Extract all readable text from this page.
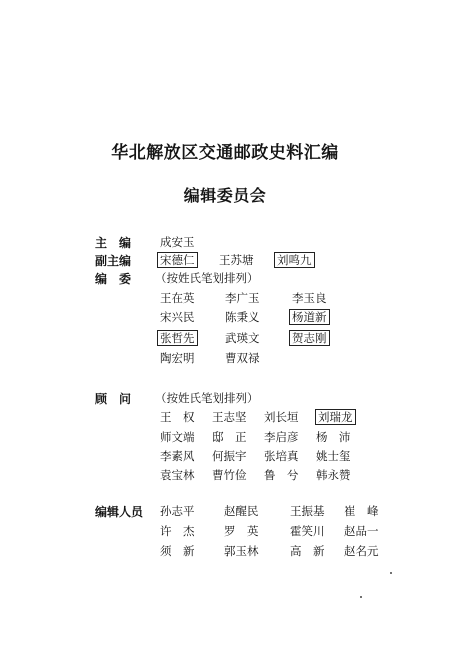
华北解放区交通邮政史料汇编
编辑委员会
主　编	成安玉
副主编	宋德仁 王苏塘 刘鸣九
编　委 （按姓氏笔划排列）
王在英	李广玉	李玉良
宋兴民	陈秉义	杨道新
张哲先	武瑛文	贺志刚
陶宏明	曹双禄
顾　问 （按姓氏笔划排列）
王　权 王志坚 刘长垣 刘瑞龙
师文端 邸　正 李启彦 杨　沛
李素风 何振宇 张培真 姚士玺
袁宝林 曹竹俭 鲁　兮 韩永赞
编辑人员 孙志平	赵醒民	王振基 崔　峰
许　杰	罗　英	霍笑川 赵品一
须　新	郭玉林	高　新 赵名元
